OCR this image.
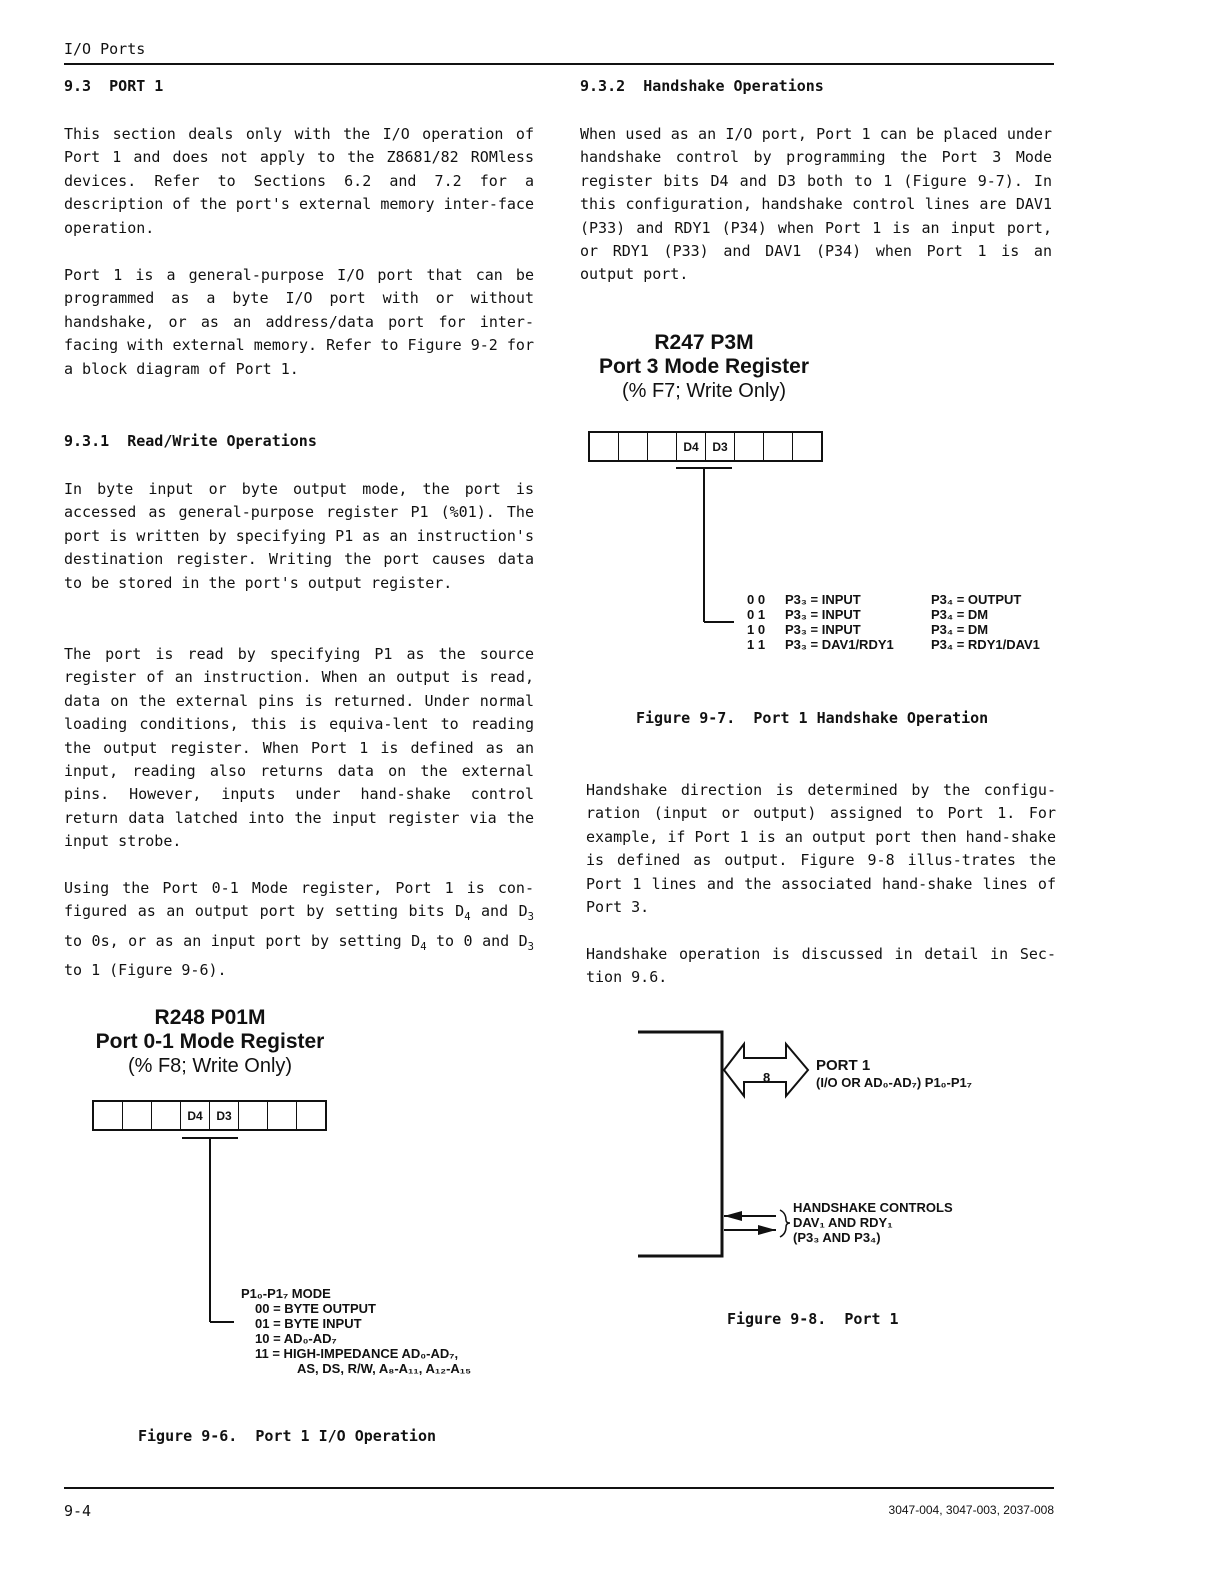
I/O Ports
9.3  PORT 1

This section deals only with the I/O operation of Port 1 and does not apply to the Z8681/82 ROMless devices. Refer to Sections 6.2 and 7.2 for a description of the port's external memory inter-face operation.

Port 1 is a general-purpose I/O port that can be programmed as a byte I/O port with or without handshake, or as an address/data port for inter-facing with external memory. Refer to Figure 9-2 for a block diagram of Port 1.

9.3.1  Read/Write Operations

In byte input or byte output mode, the port is accessed as general-purpose register P1 (%01). The port is written by specifying P1 as an instruction's destination register. Writing the port causes data to be stored in the port's output register.

The port is read by specifying P1 as the source register of an instruction. When an output is read, data on the external pins is returned. Under normal loading conditions, this is equiva-lent to reading the output register. When Port 1 is defined as an input, reading also returns data on the external pins. However, inputs under hand-shake control return data latched into the input register via the input strobe.

Using the Port 0-1 Mode register, Port 1 is con-figured as an output port by setting bits $D_4$ and $D_3$ to 0s, or as an input port by setting $D_4$ to 0 and $D_3$ to 1 (Figure 9-6).

R248 P01M
Port 0-1 Mode Register
(% F8; Write Only)
D4	D3
P1₀-P1₇ MODE
00 = BYTE OUTPUT
01 = BYTE INPUT
10 = AD₀-AD₇
11 = HIGH-IMPEDANCE AD₀-AD₇,
AS, DS, R/W, A₈-A₁₁, A₁₂-A₁₅
Figure 9-6.  Port 1 I/O Operation
9.3.2  Handshake Operations

When used as an I/O port, Port 1 can be placed under handshake control by programming the Port 3 Mode register bits D4 and D3 both to 1 (Figure 9-7). In this configuration, handshake control lines are DAV1 (P33) and RDY1 (P34) when Port 1 is an input port, or RDY1 (P33) and DAV1 (P34) when Port 1 is an output port.

R247 P3M
Port 3 Mode Register
(% F7; Write Only)
D4	D3
0 0	P3₃ = INPUT	P3₄ = OUTPUT
0 1	P3₃ = INPUT	P3₄ = DM
1 0	P3₃ = INPUT	P3₄ = DM
1 1	P3₃ = DAV1/RDY1	P3₄ = RDY1/DAV1
Figure 9-7.  Port 1 Handshake Operation

Handshake direction is determined by the configu-ration (input or output) assigned to Port 1. For example, if Port 1 is an output port then hand-shake is defined as output. Figure 9-8 illus-trates the Port 1 lines and the associated hand-shake lines of Port 3.

Handshake operation is discussed in detail in Sec-tion 9.6.

8
PORT 1
(I/O OR AD₀-AD₇) P1₀-P1₇
HANDSHAKE CONTROLS
DAV₁ AND RDY₁
(P3₃ AND P3₄)
Figure 9-8.  Port 1
9-4	3047-004, 3047-003, 2037-008
